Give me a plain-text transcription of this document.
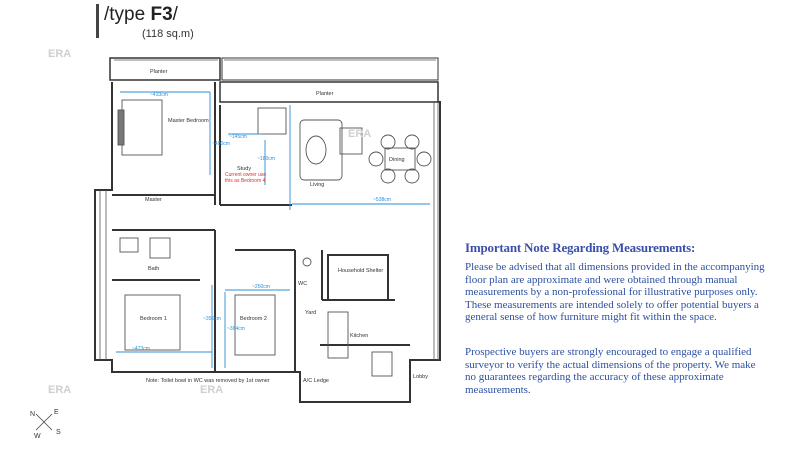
/type F3/
(118 sq.m)
Planter
Planter
Master Bedroom
Study
Living
Dining
Master
Bath	Household Shelter
WC
Bedroom 1	Bedroom 2
Yard
Kitchen
A/C Ledge
Lobby
~433cm
~480cm
~145cm
~180cm
~538cm
~250cm
~364cm
~356cm
~473cm
Current owner use this as Bedroom 4
Note: Toilet bowl in WC was removed by 1st owner
N	E
S
W
ERA
ERA
ERA
ERA
Important Note Regarding Measurements:

Please be advised that all dimensions provided in the accompanying floor plan are approximate and were obtained through manual measurements by a non-professional for illustrative purposes only. These measurements are intended solely to offer potential buyers a general sense of how furniture might fit within the space.

Prospective buyers are strongly encouraged to engage a qualified surveyor to verify the actual dimensions of the property. We make no guarantees regarding the accuracy of these approximate measurements.
